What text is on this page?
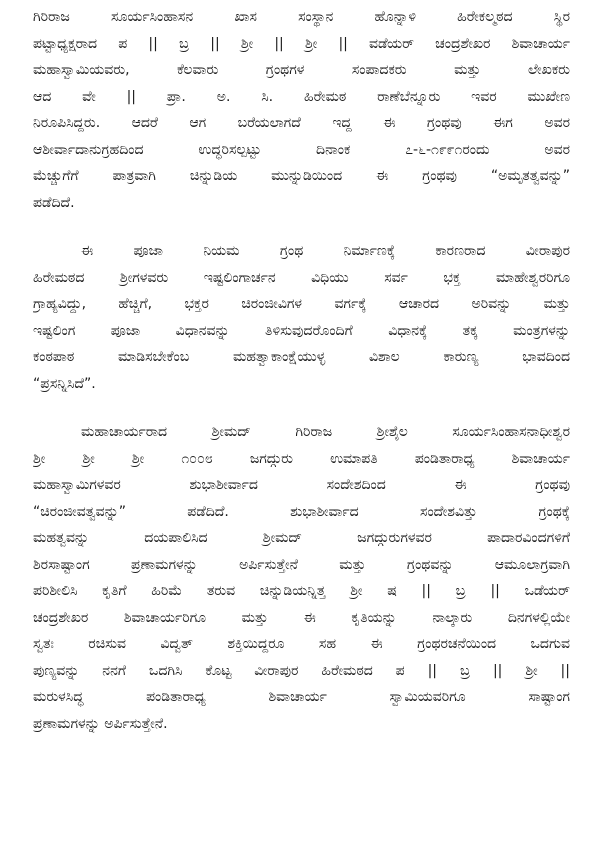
ಗಿರಿರಾಜ ಸೂರ್ಯಸಿಂಹಾಸನ ಖಾಸ ಸಂಸ್ಥಾನ ಹೊನ್ನಾಳಿ ಹಿರೇಕಲ್ಮಠದ ಸ್ಥಿರ
ಪಟ್ಟಾಧ್ಯಕ್ಷರಾದ ಪ || ಬ್ರ || ಶ್ರೀ || ಶ್ರೀ || ವಡೆಯರ್ ಚಂದ್ರಶೇಖರ ಶಿವಾಚಾರ್ಯ
ಮಹಾಸ್ವಾಮಿಯವರು, ಕೆಲವಾರು ಗ್ರಂಥಗಳ ಸಂಪಾದಕರು ಮತ್ತು ಲೇಖಕರು
ಆದ ವೇ || ಪ್ರಾ. ಅ. ಸಿ. ಹಿರೇಮಠ ರಾಣೆಬೆನ್ನೂರು ಇವರ ಮುಖೇಣ
ನಿರೂಪಿಸಿದ್ದರು. ಆದರೆ ಆಗ ಬರೆಯಲಾಗದೆ ಇದ್ದ ಈ ಗ್ರಂಥವು ಈಗ ಅವರ
ಆಶೀರ್ವಾದಾನುಗ್ರಹದಿಂದ ಉದ್ಧರಿಸಲ್ಪಟ್ಟು ದಿನಾಂಕ ೭-೬-೧೯೯೧ರಂದು ಅವರ
ಮೆಚ್ಚುಗೆಗೆ ಪಾತ್ರವಾಗಿ ಚಿನ್ನುಡಿಯ ಮುನ್ನುಡಿಯಿಂದ ಈ ಗ್ರಂಥವು “ಅಮೃತತ್ವವನ್ನು”
ಪಡೆದಿದೆ.
ಈ ಪೂಜಾ ನಿಯಮ ಗ್ರಂಥ ನಿರ್ಮಾಣಕ್ಕೆ ಕಾರಣರಾದ ವೀರಾಪುರ
ಹಿರೇಮಠದ ಶ್ರೀಗಳವರು ಇಷ್ಟಲಿಂಗಾರ್ಚನ ವಿಧಿಯು ಸರ್ವ ಭಕ್ತ ಮಾಹೇಶ್ವರರಿಗೂ
ಗ್ರಾಹ್ಯವಿದ್ದು, ಹೆಚ್ಚಿಗೆ, ಭಕ್ತರ ಚಿರಂಜೀವಿಗಳ ವರ್ಗಕ್ಕೆ ಆಚಾರದ ಅರಿವನ್ನು ಮತ್ತು
ಇಷ್ಟಲಿಂಗ ಪೂಜಾ ವಿಧಾನವನ್ನು ತಿಳಿಸುವುದರೊಂದಿಗೆ ವಿಧಾನಕ್ಕೆ ತಕ್ಕ ಮಂತ್ರಗಳನ್ನು
ಕಂಠಪಾಠ ಮಾಡಿಸಬೇಕೆಂಬ ಮಹತ್ವಾಕಾಂಕ್ಷೆಯುಳ್ಳ ವಿಶಾಲ ಕಾರುಣ್ಯ ಭಾವದಿಂದ
“ಪ್ರಸನ್ನಿಸಿದೆ”.
ಮಹಾಚಾರ್ಯರಾದ ಶ್ರೀಮದ್ ಗಿರಿರಾಜ ಶ್ರೀಶೈಲ ಸೂರ್ಯಸಿಂಹಾಸನಾಧೀಶ್ವರ
ಶ್ರೀ ಶ್ರೀ ಶ್ರೀ ೧೦೦೮ ಜಗದ್ಗುರು ಉಮಾಪತಿ ಪಂಡಿತಾರಾಧ್ಯ ಶಿವಾಚಾರ್ಯ
ಮಹಾಸ್ವಾಮಿಗಳವರ ಶುಭಾಶೀರ್ವಾದ ಸಂದೇಶದಿಂದ ಈ ಗ್ರಂಥವು
“ಚಿರಂಜೀವತ್ವವನ್ನು” ಪಡೆದಿದೆ. ಶುಭಾಶೀರ್ವಾದ ಸಂದೇಶವಿತ್ತು ಗ್ರಂಥಕ್ಕೆ
ಮಹತ್ವವನ್ನು ದಯಪಾಲಿಸಿದ ಶ್ರೀಮದ್ ಜಗದ್ಗುರುಗಳವರ ಪಾದಾರವಿಂದಗಳಿಗೆ
ಶಿರಸಾಷ್ಟಾಂಗ ಪ್ರಣಾಮಗಳನ್ನು ಅರ್ಪಿಸುತ್ತೇನೆ ಮತ್ತು ಗ್ರಂಥವನ್ನು ಆಮೂಲಾಗ್ರವಾಗಿ
ಪರಿಶೀಲಿಸಿ ಕೃತಿಗೆ ಹಿರಿಮೆ ತರುವ ಚಿನ್ನುಡಿಯನ್ನಿತ್ತ ಶ್ರೀ ಷ || ಬ್ರ || ಒಡೆಯರ್
ಚಂದ್ರಶೇಖರ ಶಿವಾಚಾರ್ಯರಿಗೂ ಮತ್ತು ಈ ಕೃತಿಯನ್ನು ನಾಲ್ಕಾರು ದಿನಗಳಲ್ಲಿಯೇ
ಸ್ವತಃ ರಚಿಸುವ ವಿದ್ವತ್ ಶಕ್ತಿಯಿದ್ದರೂ ಸಹ ಈ ಗ್ರಂಥರಚನೆಯಿಂದ ಒದಗುವ
ಪುಣ್ಯವನ್ನು ನನಗೆ ಒದಗಿಸಿ ಕೊಟ್ಟ ವೀರಾಪುರ ಹಿರೇಮಠದ ಪ || ಬ್ರ || ಶ್ರೀ ||
ಮರುಳಸಿದ್ಧ ಪಂಡಿತಾರಾಧ್ಯ ಶಿವಾಚಾರ್ಯ ಸ್ವಾಮಿಯವರಿಗೂ ಸಾಷ್ಟಾಂಗ
ಪ್ರಣಾಮಗಳನ್ನು ಅರ್ಪಿಸುತ್ತೇನೆ.
